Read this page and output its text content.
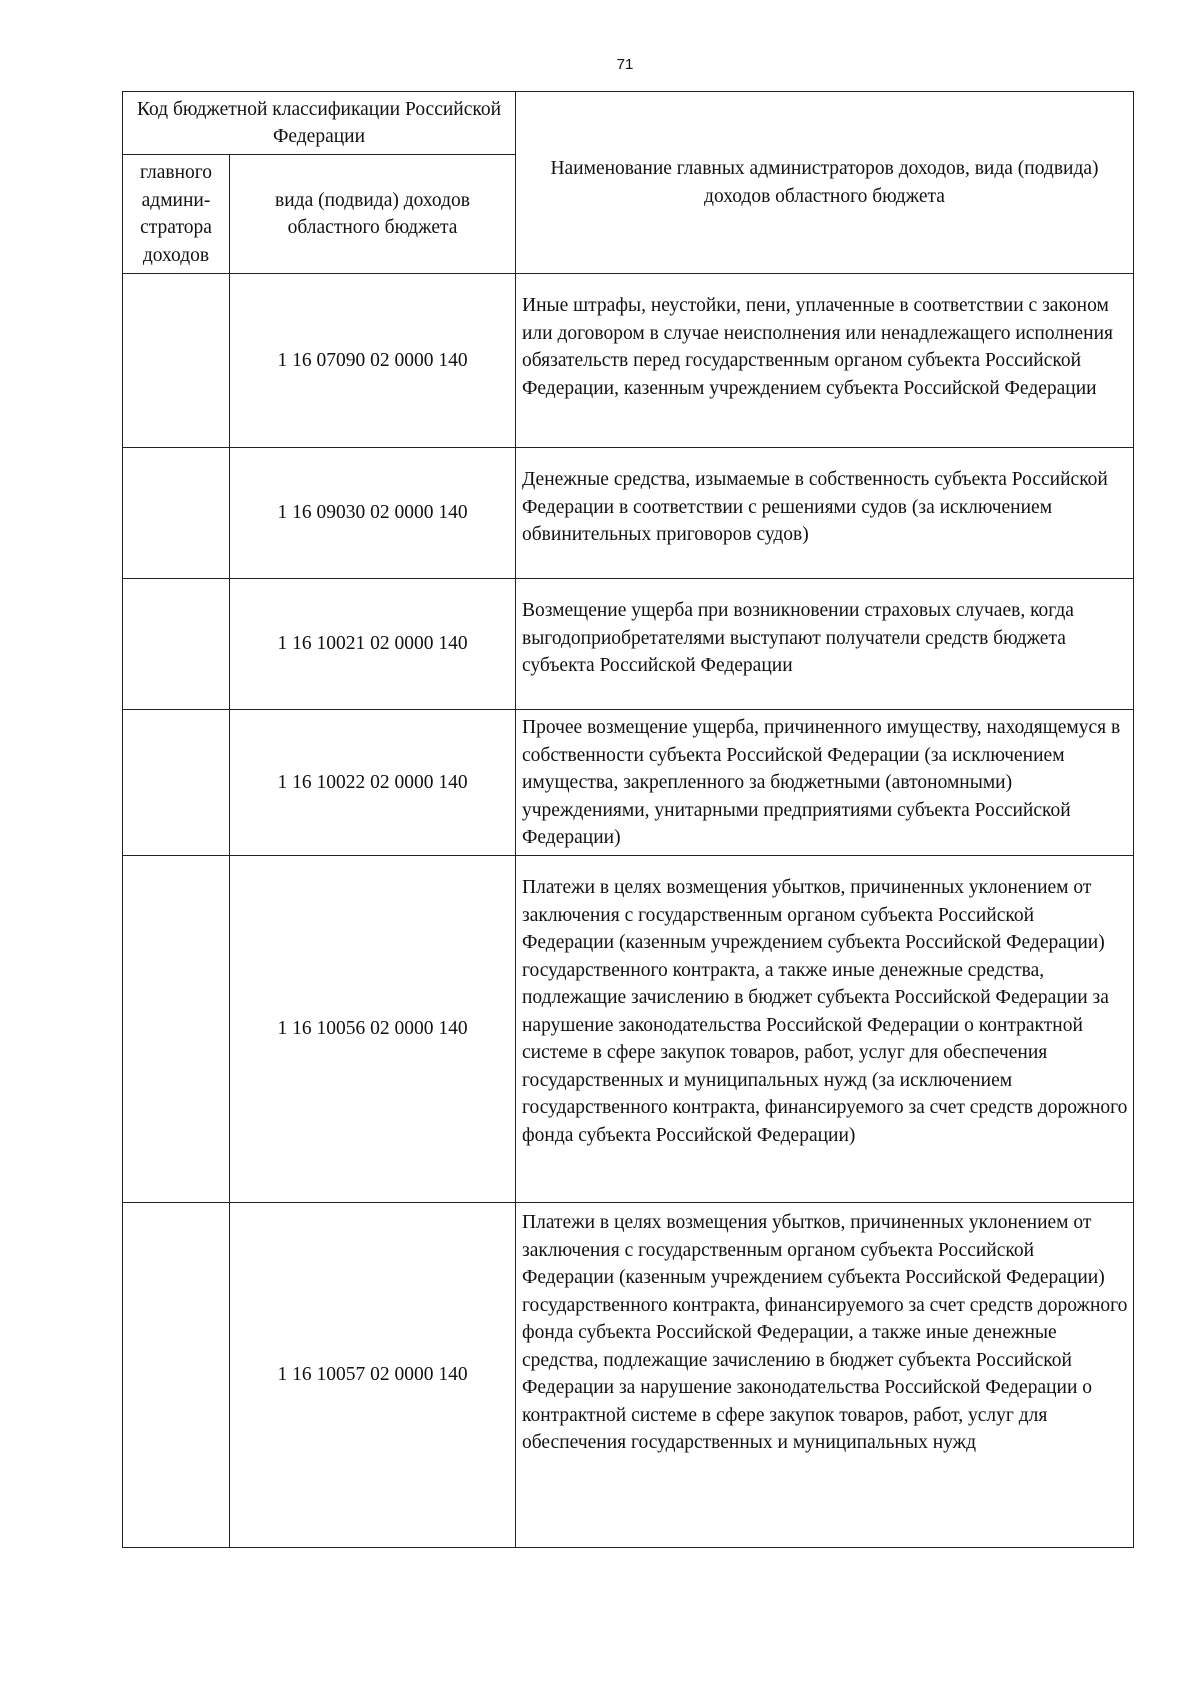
71
Код бюджетной классификации Российской Федерации		Наименование главных администраторов доходов, вида (подвида) доходов областного бюджета
главного админи-стратора доходов	вида (подвида) доходов областного бюджета	
	1 16 07090 02 0000 140	Иные штрафы, неустойки, пени, уплаченные в соответствии с законом или договором в случае неисполнения или ненадлежащего исполнения обязательств перед государственным органом субъекта Российской Федерации, казенным учреждением субъекта Российской Федерации
	1 16 09030 02 0000 140	Денежные средства, изымаемые в собственность субъекта Российской Федерации в соответствии с решениями судов (за исключением обвинительных приговоров судов)
	1 16 10021 02 0000 140	Возмещение ущерба при возникновении страховых случаев, когда выгодоприобретателями выступают получатели средств бюджета субъекта Российской Федерации
	1 16 10022 02 0000 140	Прочее возмещение ущерба, причиненного имуществу, находящемуся в собственности субъекта Российской Федерации (за исключением имущества, закрепленного за бюджетными (автономными) учреждениями, унитарными предприятиями субъекта Российской Федерации)
	1 16 10056 02 0000 140	Платежи в целях возмещения убытков, причиненных уклонением от заключения с государственным органом субъекта Российской Федерации (казенным учреждением субъекта Российской Федерации) государственного контракта, а также иные денежные средства, подлежащие зачислению в бюджет субъекта Российской Федерации за нарушение законодательства Российской Федерации о контрактной системе в сфере закупок товаров, работ, услуг для обеспечения государственных и муниципальных нужд (за исключением государственного контракта, финансируемого за счет средств дорожного фонда субъекта Российской Федерации)
	1 16 10057 02 0000 140	Платежи в целях возмещения убытков, причиненных уклонением от заключения с государственным органом субъекта Российской Федерации (казенным учреждением субъекта Российской Федерации) государственного контракта, финансируемого за счет средств дорожного фонда субъекта Российской Федерации, а также иные денежные средства, подлежащие зачислению в бюджет субъекта Российской Федерации за нарушение законодательства Российской Федерации о контрактной системе в сфере закупок товаров, работ, услуг для обеспечения государственных и муниципальных нужд
